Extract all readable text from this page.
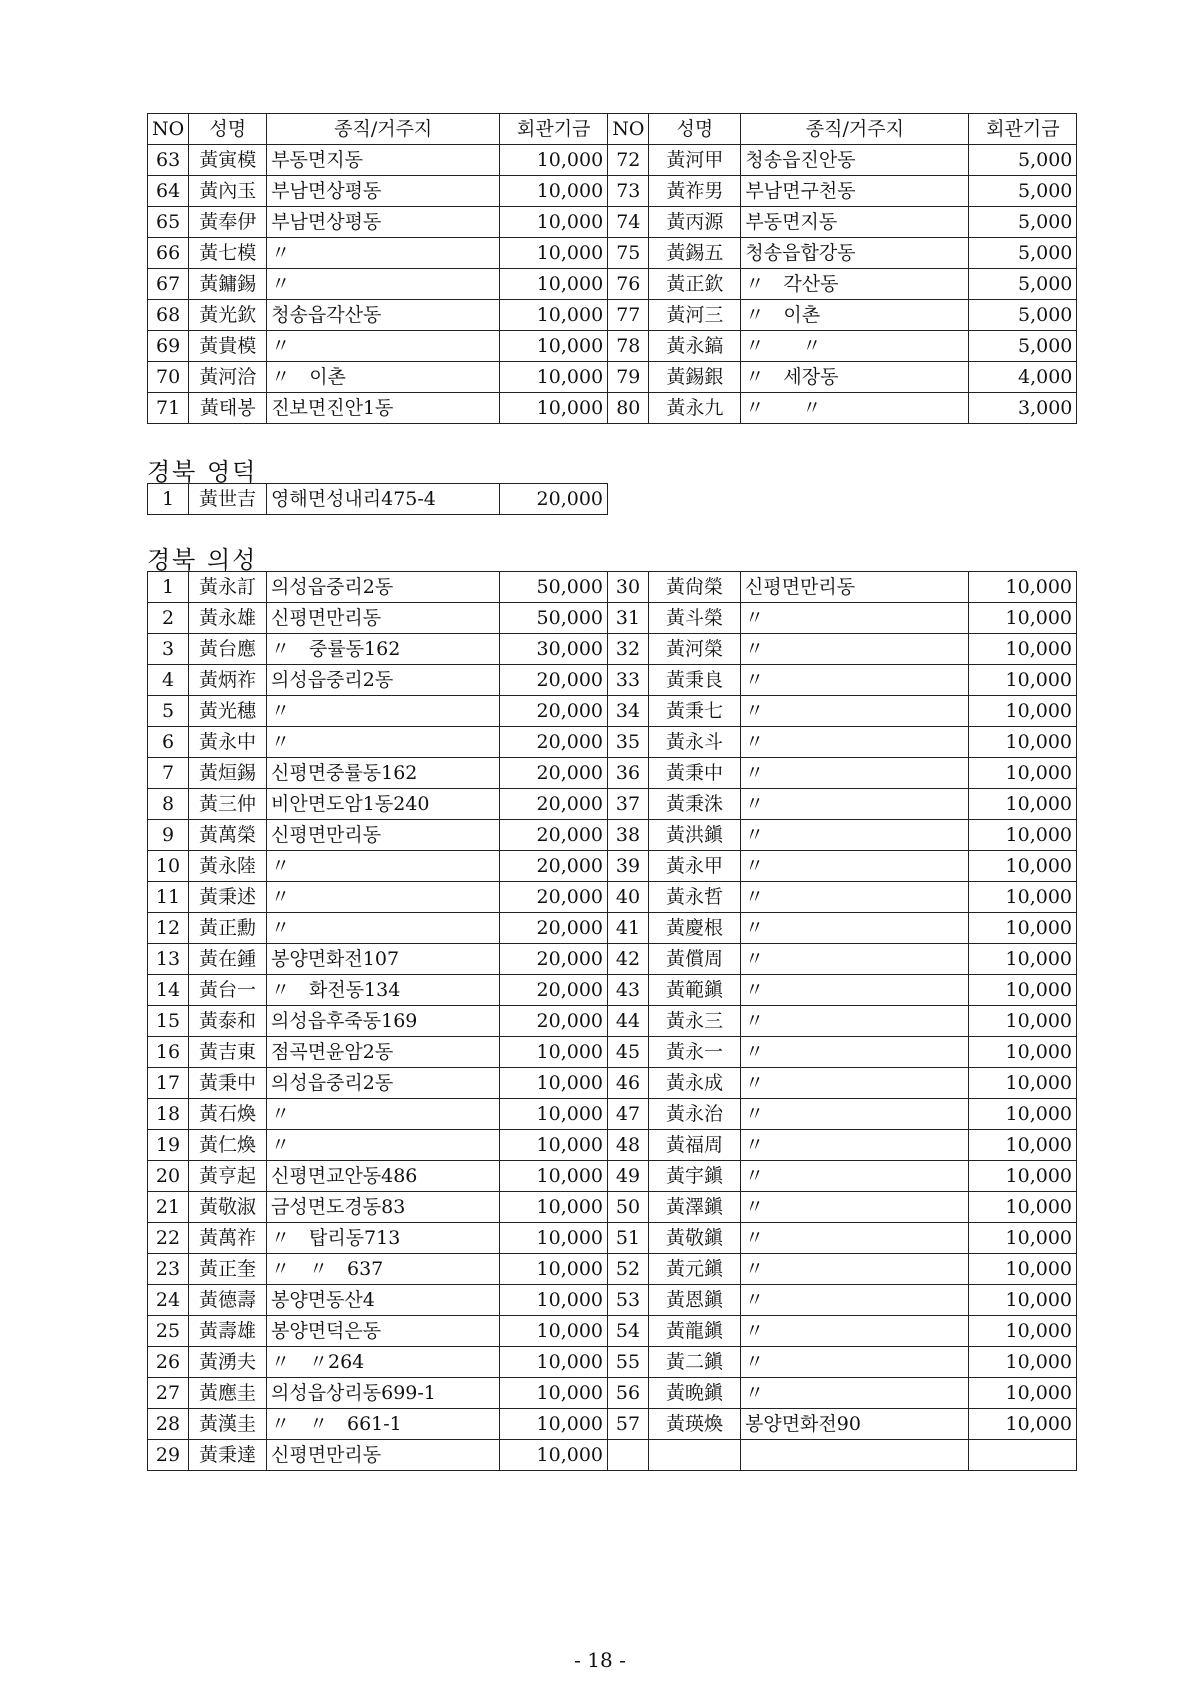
NO	성명	종직/거주지	회관기금	NO	성명	종직/거주지	회관기금
63	黃寅模	부동면지동	10,000	72	黃河甲	청송읍진안동	5,000
64	黃內玉	부남면상평동	10,000	73	黃祚男	부남면구천동	5,000
65	黃奉伊	부남면상평동	10,000	74	黃丙源	부동면지동	5,000
66	黃七模	〃	10,000	75	黃錫五	청송읍합강동	5,000
67	黃鏞錫	〃	10,000	76	黃正欽	〃　각산동	5,000
68	黃光欽	청송읍각산동	10,000	77	黃河三	〃　이촌	5,000
69	黃貴模	〃	10,000	78	黃永鎬	〃　　〃	5,000
70	黃河洽	〃　이촌	10,000	79	黃錫銀	〃　세장동	4,000
71	黃태봉	진보면진안1동	10,000	80	黃永九	〃　　〃	3,000
경북 영덕
1	黃世吉	영해면성내리475-4	20,000
경북 의성
1	黃永訂	의성읍중리2동	50,000	30	黃尙榮	신평면만리동	10,000
2	黃永雄	신평면만리동	50,000	31	黃斗榮	〃	10,000
3	黃台應	〃　중률동162	30,000	32	黃河榮	〃	10,000
4	黃炳祚	의성읍중리2동	20,000	33	黃秉良	〃	10,000
5	黃光穗	〃	20,000	34	黃秉七	〃	10,000
6	黃永中	〃	20,000	35	黃永斗	〃	10,000
7	黃烜錫	신평면중률동162	20,000	36	黃秉中	〃	10,000
8	黃三仲	비안면도암1동240	20,000	37	黃秉洙	〃	10,000
9	黃萬榮	신평면만리동	20,000	38	黃洪鎭	〃	10,000
10	黃永陸	〃	20,000	39	黃永甲	〃	10,000
11	黃秉述	〃	20,000	40	黃永哲	〃	10,000
12	黃正勳	〃	20,000	41	黃慶根	〃	10,000
13	黃在鍾	봉양면화전107	20,000	42	黃償周	〃	10,000
14	黃台一	〃　화전동134	20,000	43	黃範鎭	〃	10,000
15	黃泰和	의성읍후죽동169	20,000	44	黃永三	〃	10,000
16	黃吉東	점곡면윤암2동	10,000	45	黃永一	〃	10,000
17	黃秉中	의성읍중리2동	10,000	46	黃永成	〃	10,000
18	黃石煥	〃	10,000	47	黃永治	〃	10,000
19	黃仁煥	〃	10,000	48	黃福周	〃	10,000
20	黃亨起	신평면교안동486	10,000	49	黃宇鎭	〃	10,000
21	黃敬淑	금성면도경동83	10,000	50	黃澤鎭	〃	10,000
22	黃萬祚	〃　탑리동713	10,000	51	黃敬鎭	〃	10,000
23	黃正奎	〃　〃　637	10,000	52	黃元鎭	〃	10,000
24	黃德壽	봉양면동산4	10,000	53	黃恩鎭	〃	10,000
25	黃壽雄	봉양면덕은동	10,000	54	黃龍鎭	〃	10,000
26	黃湧夫	〃　〃264	10,000	55	黃二鎭	〃	10,000
27	黃應圭	의성읍상리동699-1	10,000	56	黃晩鎭	〃	10,000
28	黃漢圭	〃　〃　661-1	10,000	57	黃瑛煥	봉양면화전90	10,000
29	黃秉達	신평면만리동	10,000				
- 18 -
